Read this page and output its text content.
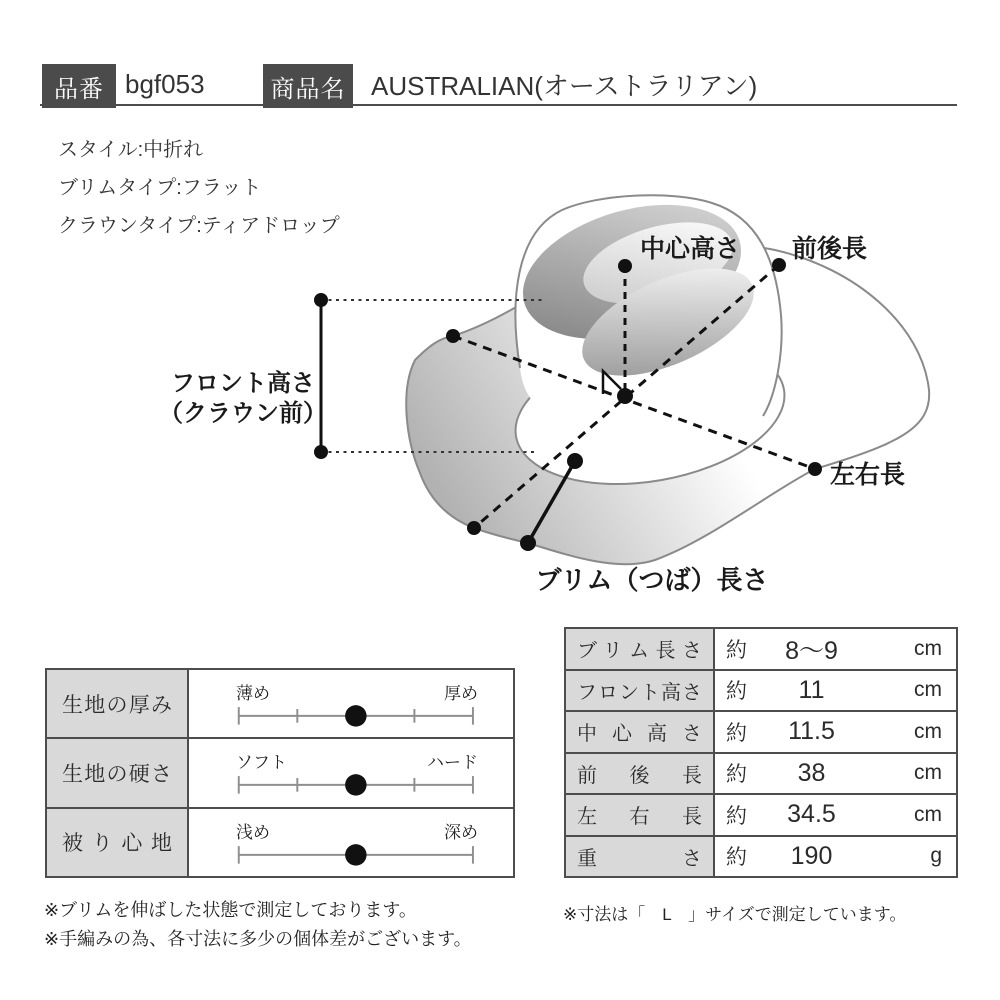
品番 bgf053	商品名 AUSTRALIAN(オーストラリアン)
スタイル:中折れ
ブリムタイプ:フラット
クラウンタイプ:ティアドロップ
中心高さ 前後長
フロント高さ
（クラウン前）
左右長
ブリム（つば）長さ
生地の厚み
薄め	厚め
生地の硬さ
ソフト	ハード
被り心地
浅め	深め
ブリム長さ	約	8〜9	cm
フロント高さ	約	11	cm
中心高さ	約	11.5	cm
前後長	約	38	cm
左右長	約	34.5	cm
重さ	約	190	g
※ブリムを伸ばした状態で測定しております。
※手編みの為、各寸法に多少の個体差がございます。
※寸法は「　L　」サイズで測定しています。
